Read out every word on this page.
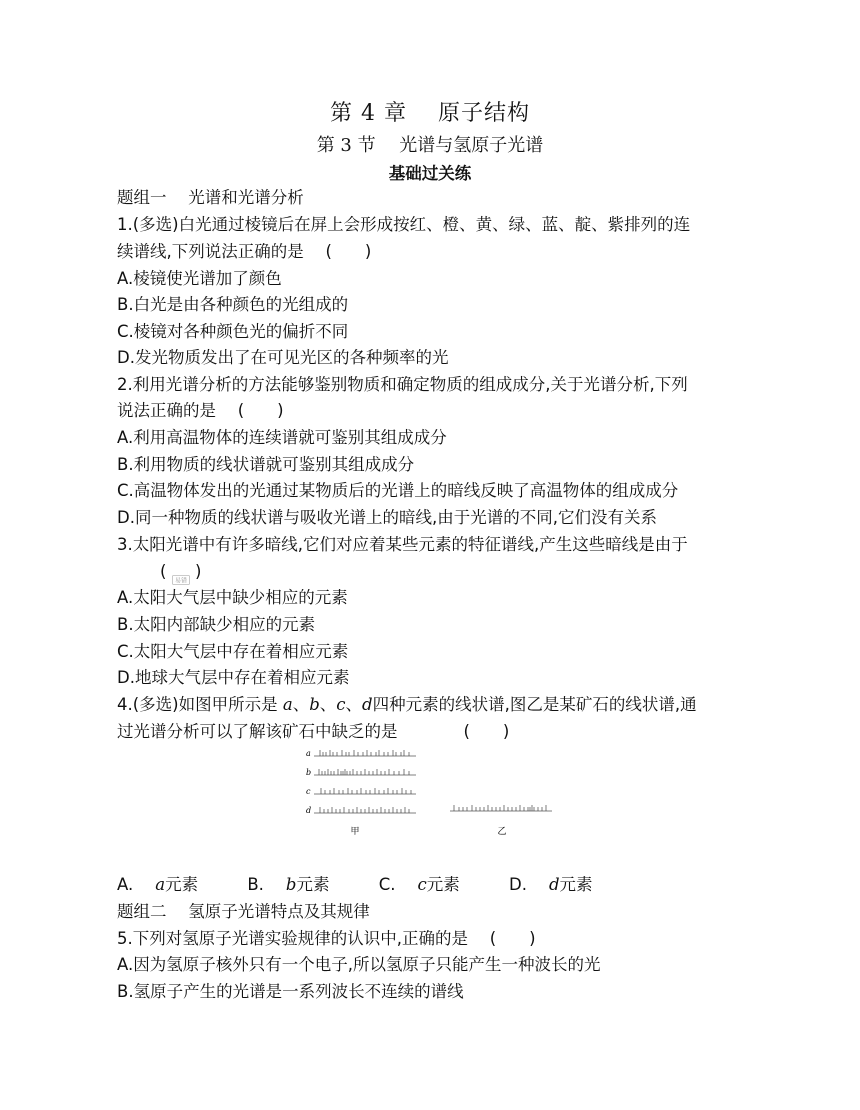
第 4 章　 原子结构
第 3 节　 光谱与氢原子光谱
基础过关练
题组一　 光谱和光谱分析
1.(多选)白光通过棱镜后在屏上会形成按红、橙、黄、绿、蓝、靛、紫排列的连
续谱线,下列说法正确的是　 (　　)
A.棱镜使光谱加了颜色
B.白光是由各种颜色的光组成的
C.棱镜对各种颜色光的偏折不同
D.发光物质发出了在可见光区的各种频率的光
2.利用光谱分析的方法能够鉴别物质和确定物质的组成成分,关于光谱分析,下列
说法正确的是　 (　　)
A.利用高温物体的连续谱就可鉴别其组成成分
B.利用物质的线状谱就可鉴别其组成成分
C.高温物体发出的光通过某物质后的光谱上的暗线反映了高温物体的组成成分
D.同一种物质的线状谱与吸收光谱上的暗线,由于光谱的不同,它们没有关系
3.太阳光谱中有许多暗线,它们对应着某些元素的特征谱线,产生这些暗线是由于
( 易错 )
A.太阳大气层中缺少相应的元素
B.太阳内部缺少相应的元素
C.太阳大气层中存在着相应元素
D.地球大气层中存在着相应元素
4.(多选)如图甲所示是 a、b、c、d四种元素的线状谱,图乙是某矿石的线状谱,通
过光谱分析可以了解该矿石中缺乏的是　　　　(　　)
a
b
c
d
甲	乙
A. a元素	B. b元素	C. c元素	D. d元素
题组二　 氢原子光谱特点及其规律
5.下列对氢原子光谱实验规律的认识中,正确的是　 (　　)
A.因为氢原子核外只有一个电子,所以氢原子只能产生一种波长的光
B.氢原子产生的光谱是一系列波长不连续的谱线
